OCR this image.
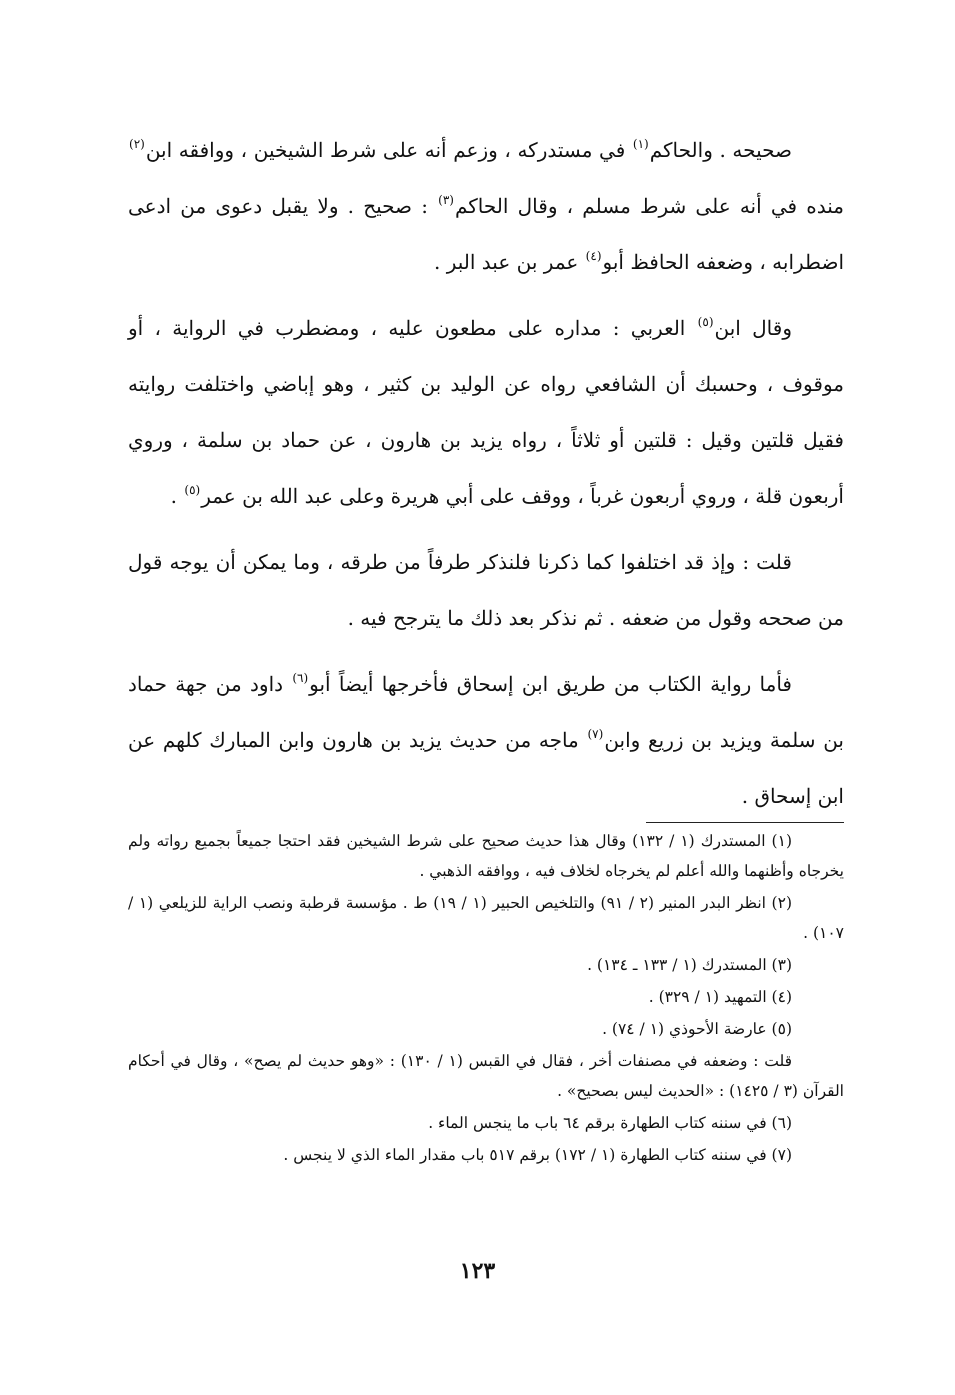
صحيحه . والحاكم$^{(١)}$ في مستدركه ، وزعم أنه على شرط الشيخين ، ووافقه ابن$^{(٢)}$ منده في أنه على شرط مسلم ، وقال الحاكم$^{(٣)}$ : صحيح . ولا يقبل دعوى من ادعى اضطرابه ، وضعفه الحافظ أبو$^{(٤)}$ عمر بن عبد البر .

وقال ابن$^{(٥)}$ العربي : مداره على مطعون عليه ، ومضطرب في الرواية ، أو موقوف ، وحسبك أن الشافعي رواه عن الوليد بن كثير ، وهو إباضي واختلفت روايته فقيل قلتين وقيل : قلتين أو ثلاثاً ، رواه يزيد بن هارون ، عن حماد بن سلمة ، وروي أربعون قلة ، وروي أربعون غرباً ، ووقف على أبي هريرة وعلى عبد الله بن عمر$^{(٥)}$ .

قلت : وإذ قد اختلفوا كما ذكرنا فلنذكر طرفاً من طرقه ، وما يمكن أن يوجه قول من صححه وقول من ضعفه . ثم نذكر بعد ذلك ما يترجح فيه .

فأما رواية الكتاب من طريق ابن إسحاق فأخرجها أيضاً أبو$^{(٦)}$ داود من جهة حماد بن سلمة ويزيد بن زريع وابن$^{(٧)}$ ماجه من حديث يزيد بن هارون وابن المبارك كلهم عن ابن إسحاق .

(١) المستدرك (١ / ١٣٢) وقال هذا حديث صحيح على شرط الشيخين فقد احتجا جميعاً بجميع رواته ولم يخرجاه وأظنهما والله أعلم لم يخرجاه لخلاف فيه ، ووافقه الذهبي .

(٢) انظر البدر المنير (٢ / ٩١) والتلخيص الحبير (١ / ١٩) ط . مؤسسة قرطبة ونصب الراية للزيلعي (١ / ١٠٧) .

(٣) المستدرك (١ / ١٣٣ ـ ١٣٤) .

(٤) التمهيد (١ / ٣٢٩) .

(٥) عارضة الأحوذي (١ / ٧٤) .

قلت : وضعفه في مصنفات أخر ، فقال في القبس (١ / ١٣٠) : «وهو حديث لم يصح» ، وقال في أحكام القرآن (٣ / ١٤٢٥) : «الحديث ليس بصحيح» .

(٦) في سننه كتاب الطهارة برقم ٦٤ باب ما ينجس الماء .

(٧) في سننه كتاب الطهارة (١ / ١٧٢) برقم ٥١٧ باب مقدار الماء الذي لا ينجس .

١٢٣
